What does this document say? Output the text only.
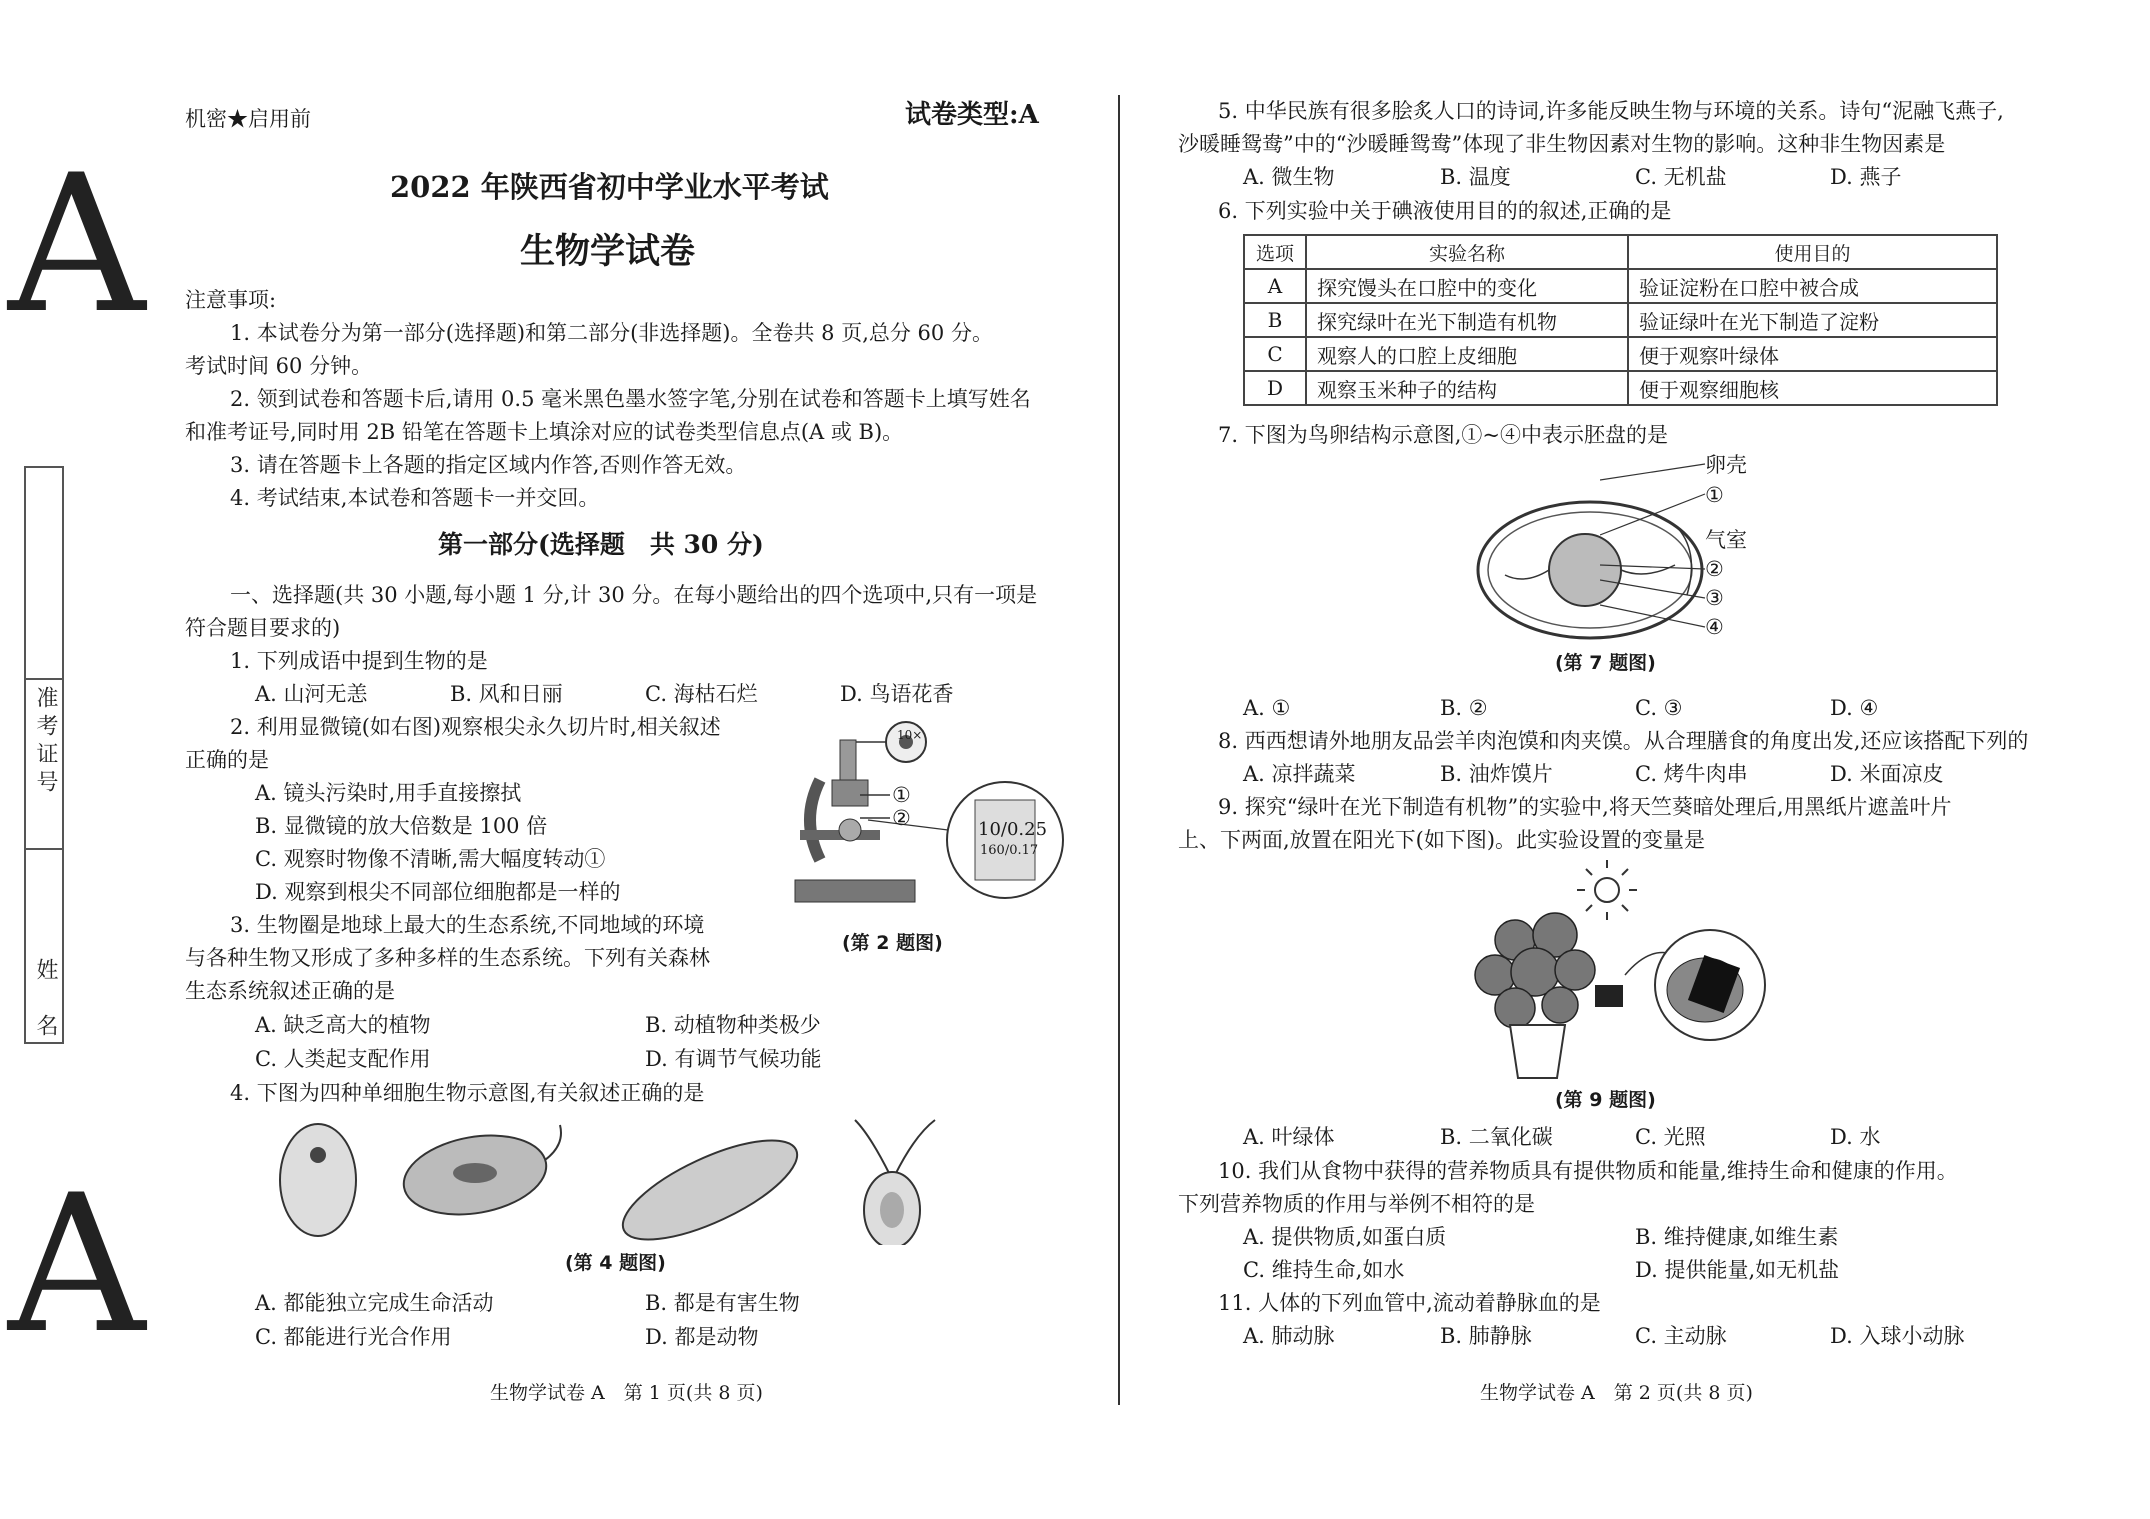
A
A
准考证号
姓　名
机密★启用前	试卷类型:A
2022 年陕西省初中学业水平考试
生物学试卷
注意事项:
1. 本试卷分为第一部分(选择题)和第二部分(非选择题)。全卷共 8 页,总分 60 分。
考试时间 60 分钟。
2. 领到试卷和答题卡后,请用 0.5 毫米黑色墨水签字笔,分别在试卷和答题卡上填写姓名
和准考证号,同时用 2B 铅笔在答题卡上填涂对应的试卷类型信息点(A 或 B)。
3. 请在答题卡上各题的指定区域内作答,否则作答无效。
4. 考试结束,本试卷和答题卡一并交回。
第一部分(选择题　共 30 分)
一、选择题(共 30 小题,每小题 1 分,计 30 分。在每小题给出的四个选项中,只有一项是
符合题目要求的)
1. 下列成语中提到生物的是
A. 山河无恙	B. 风和日丽	C. 海枯石烂	D. 鸟语花香
2. 利用显微镜(如右图)观察根尖永久切片时,相关叙述
正确的是
A. 镜头污染时,用手直接擦拭
B. 显微镜的放大倍数是 100 倍
C. 观察时物像不清晰,需大幅度转动①
D. 观察到根尖不同部位细胞都是一样的
10×
①
②	10/0.25
160/0.17
(第 2 题图)
3. 生物圈是地球上最大的生态系统,不同地域的环境
与各种生物又形成了多种多样的生态系统。下列有关森林
生态系统叙述正确的是
A. 缺乏高大的植物	B. 动植物种类极少
C. 人类起支配作用	D. 有调节气候功能
4. 下图为四种单细胞生物示意图,有关叙述正确的是
(第 4 题图)
A. 都能独立完成生命活动	B. 都是有害生物
C. 都能进行光合作用	D. 都是动物
生物学试卷 A　第 1 页(共 8 页)
5. 中华民族有很多脍炙人口的诗词,许多能反映生物与环境的关系。诗句“泥融飞燕子,
沙暖睡鸳鸯”中的“沙暖睡鸳鸯”体现了非生物因素对生物的影响。这种非生物因素是
A. 微生物	B. 温度	C. 无机盐	D. 燕子
6. 下列实验中关于碘液使用目的的叙述,正确的是
选项	实验名称	使用目的
A	探究馒头在口腔中的变化	验证淀粉在口腔中被合成
B	探究绿叶在光下制造有机物	验证绿叶在光下制造了淀粉
C	观察人的口腔上皮细胞	便于观察叶绿体
D	观察玉米种子的结构	便于观察细胞核
7. 下图为鸟卵结构示意图,①~④中表示胚盘的是
卵壳
①
气室
②
③
④
(第 7 题图)
A. ①	B. ②	C. ③	D. ④
8. 西西想请外地朋友品尝羊肉泡馍和肉夹馍。从合理膳食的角度出发,还应该搭配下列的
A. 凉拌蔬菜	B. 油炸馍片	C. 烤牛肉串	D. 米面凉皮
9. 探究“绿叶在光下制造有机物”的实验中,将天竺葵暗处理后,用黑纸片遮盖叶片
上、下两面,放置在阳光下(如下图)。此实验设置的变量是
(第 9 题图)
A. 叶绿体	B. 二氧化碳	C. 光照	D. 水
10. 我们从食物中获得的营养物质具有提供物质和能量,维持生命和健康的作用。
下列营养物质的作用与举例不相符的是
A. 提供物质,如蛋白质	B. 维持健康,如维生素
C. 维持生命,如水	D. 提供能量,如无机盐
11. 人体的下列血管中,流动着静脉血的是
A. 肺动脉	B. 肺静脉	C. 主动脉	D. 入球小动脉
生物学试卷 A　第 2 页(共 8 页)
